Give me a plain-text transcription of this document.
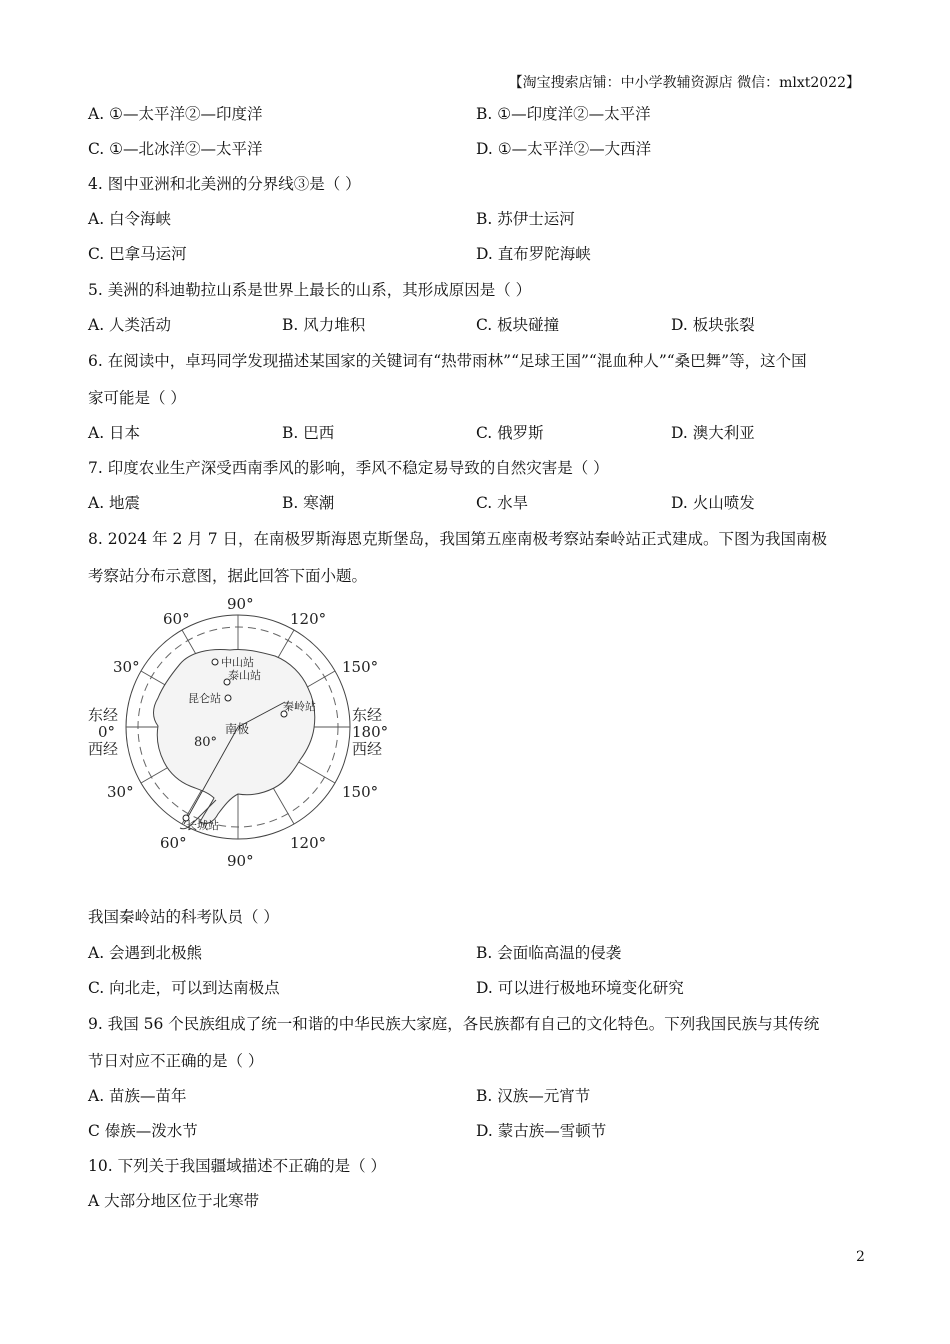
【淘宝搜索店铺：中小学教辅资源店 微信：mlxt2022】
A. ①—太平洋②—印度洋	B. ①—印度洋②—太平洋
C. ①—北冰洋②—太平洋	D. ①—太平洋②—大西洋
4. 图中亚洲和北美洲的分界线③是（ ）
A. 白令海峡	B. 苏伊士运河
C. 巴拿马运河	D. 直布罗陀海峡
5. 美洲的科迪勒拉山系是世界上最长的山系，其形成原因是（ ）
A. 人类活动	B. 风力堆积	C. 板块碰撞	D. 板块张裂
6. 在阅读中，卓玛同学发现描述某国家的关键词有“热带雨林”“足球王国”“混血种人”“桑巴舞”等，这个国
家可能是（ ）
A. 日本	B. 巴西	C. 俄罗斯	D. 澳大利亚
7. 印度农业生产深受西南季风的影响，季风不稳定易导致的自然灾害是（ ）
A. 地震	B. 寒潮	C. 水旱	D. 火山喷发
8. 2024 年 2 月 7 日，在南极罗斯海恩克斯堡岛，我国第五座南极考察站秦岭站正式建成。下图为我国南极
考察站分布示意图，据此回答下面小题。
中山站
泰山站
昆仑站
秦岭站
长城站
南极
80°
90°
60°	120°
30°	150°
东经
0°
西经
东经
180°
西经
30°	150°
60°	120°
90°
我国秦岭站的科考队员（ ）
A. 会遇到北极熊	B. 会面临高温的侵袭
C. 向北走，可以到达南极点	D. 可以进行极地环境变化研究
9. 我国 56 个民族组成了统一和谐的中华民族大家庭，各民族都有自己的文化特色。下列我国民族与其传统
节日对应不正确的是（ ）
A. 苗族—苗年	B. 汉族—元宵节
C 傣族—泼水节	D. 蒙古族—雪顿节
10. 下列关于我国疆域描述不正确的是（ ）
A 大部分地区位于北寒带
2
